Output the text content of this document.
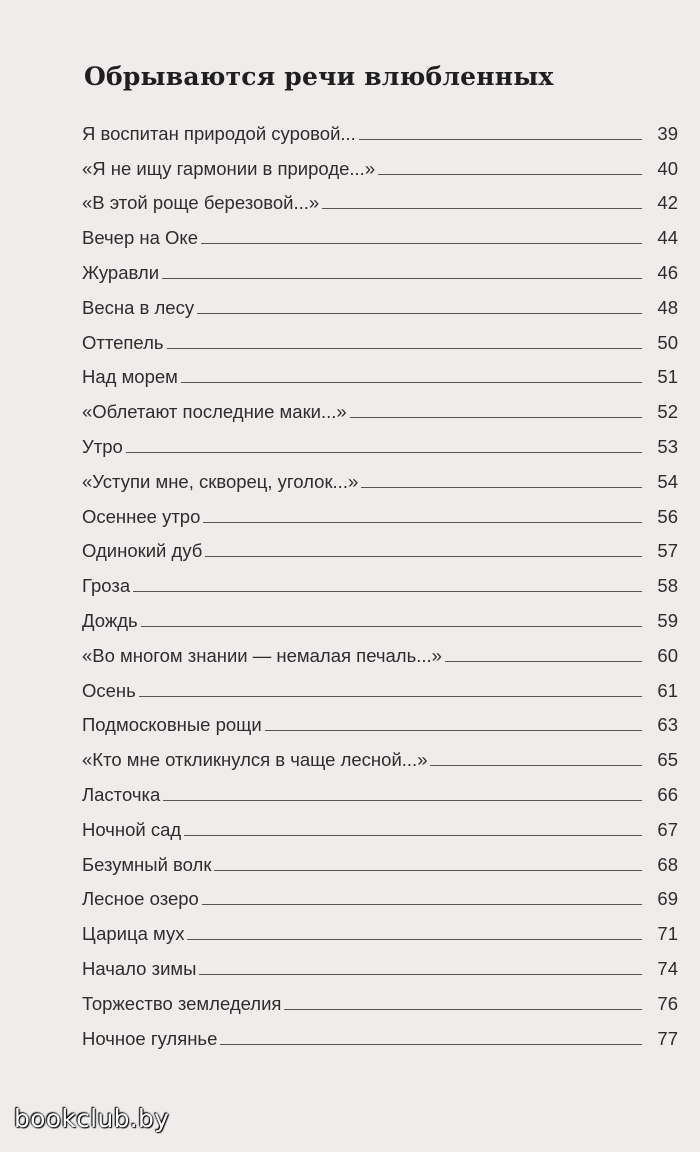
Обрываются речи влюбленных
Я воспитан природой суровой...	39
«Я не ищу гармонии в природе...»	40
«В этой роще березовой...»	42
Вечер на Оке	44
Журавли	46
Весна в лесу	48
Оттепель	50
Над морем	51
«Облетают последние маки...»	52
Утро	53
«Уступи мне, скворец, уголок...»	54
Осеннее утро	56
Одинокий дуб	57
Гроза	58
Дождь	59
«Во многом знании — немалая печаль...»	60
Осень	61
Подмосковные рощи	63
«Кто мне откликнулся в чаще лесной...»	65
Ласточка	66
Ночной сад	67
Безумный волк	68
Лесное озеро	69
Царица мух	71
Начало зимы	74
Торжество земледелия	76
Ночное гулянье	77
bookclub.by
